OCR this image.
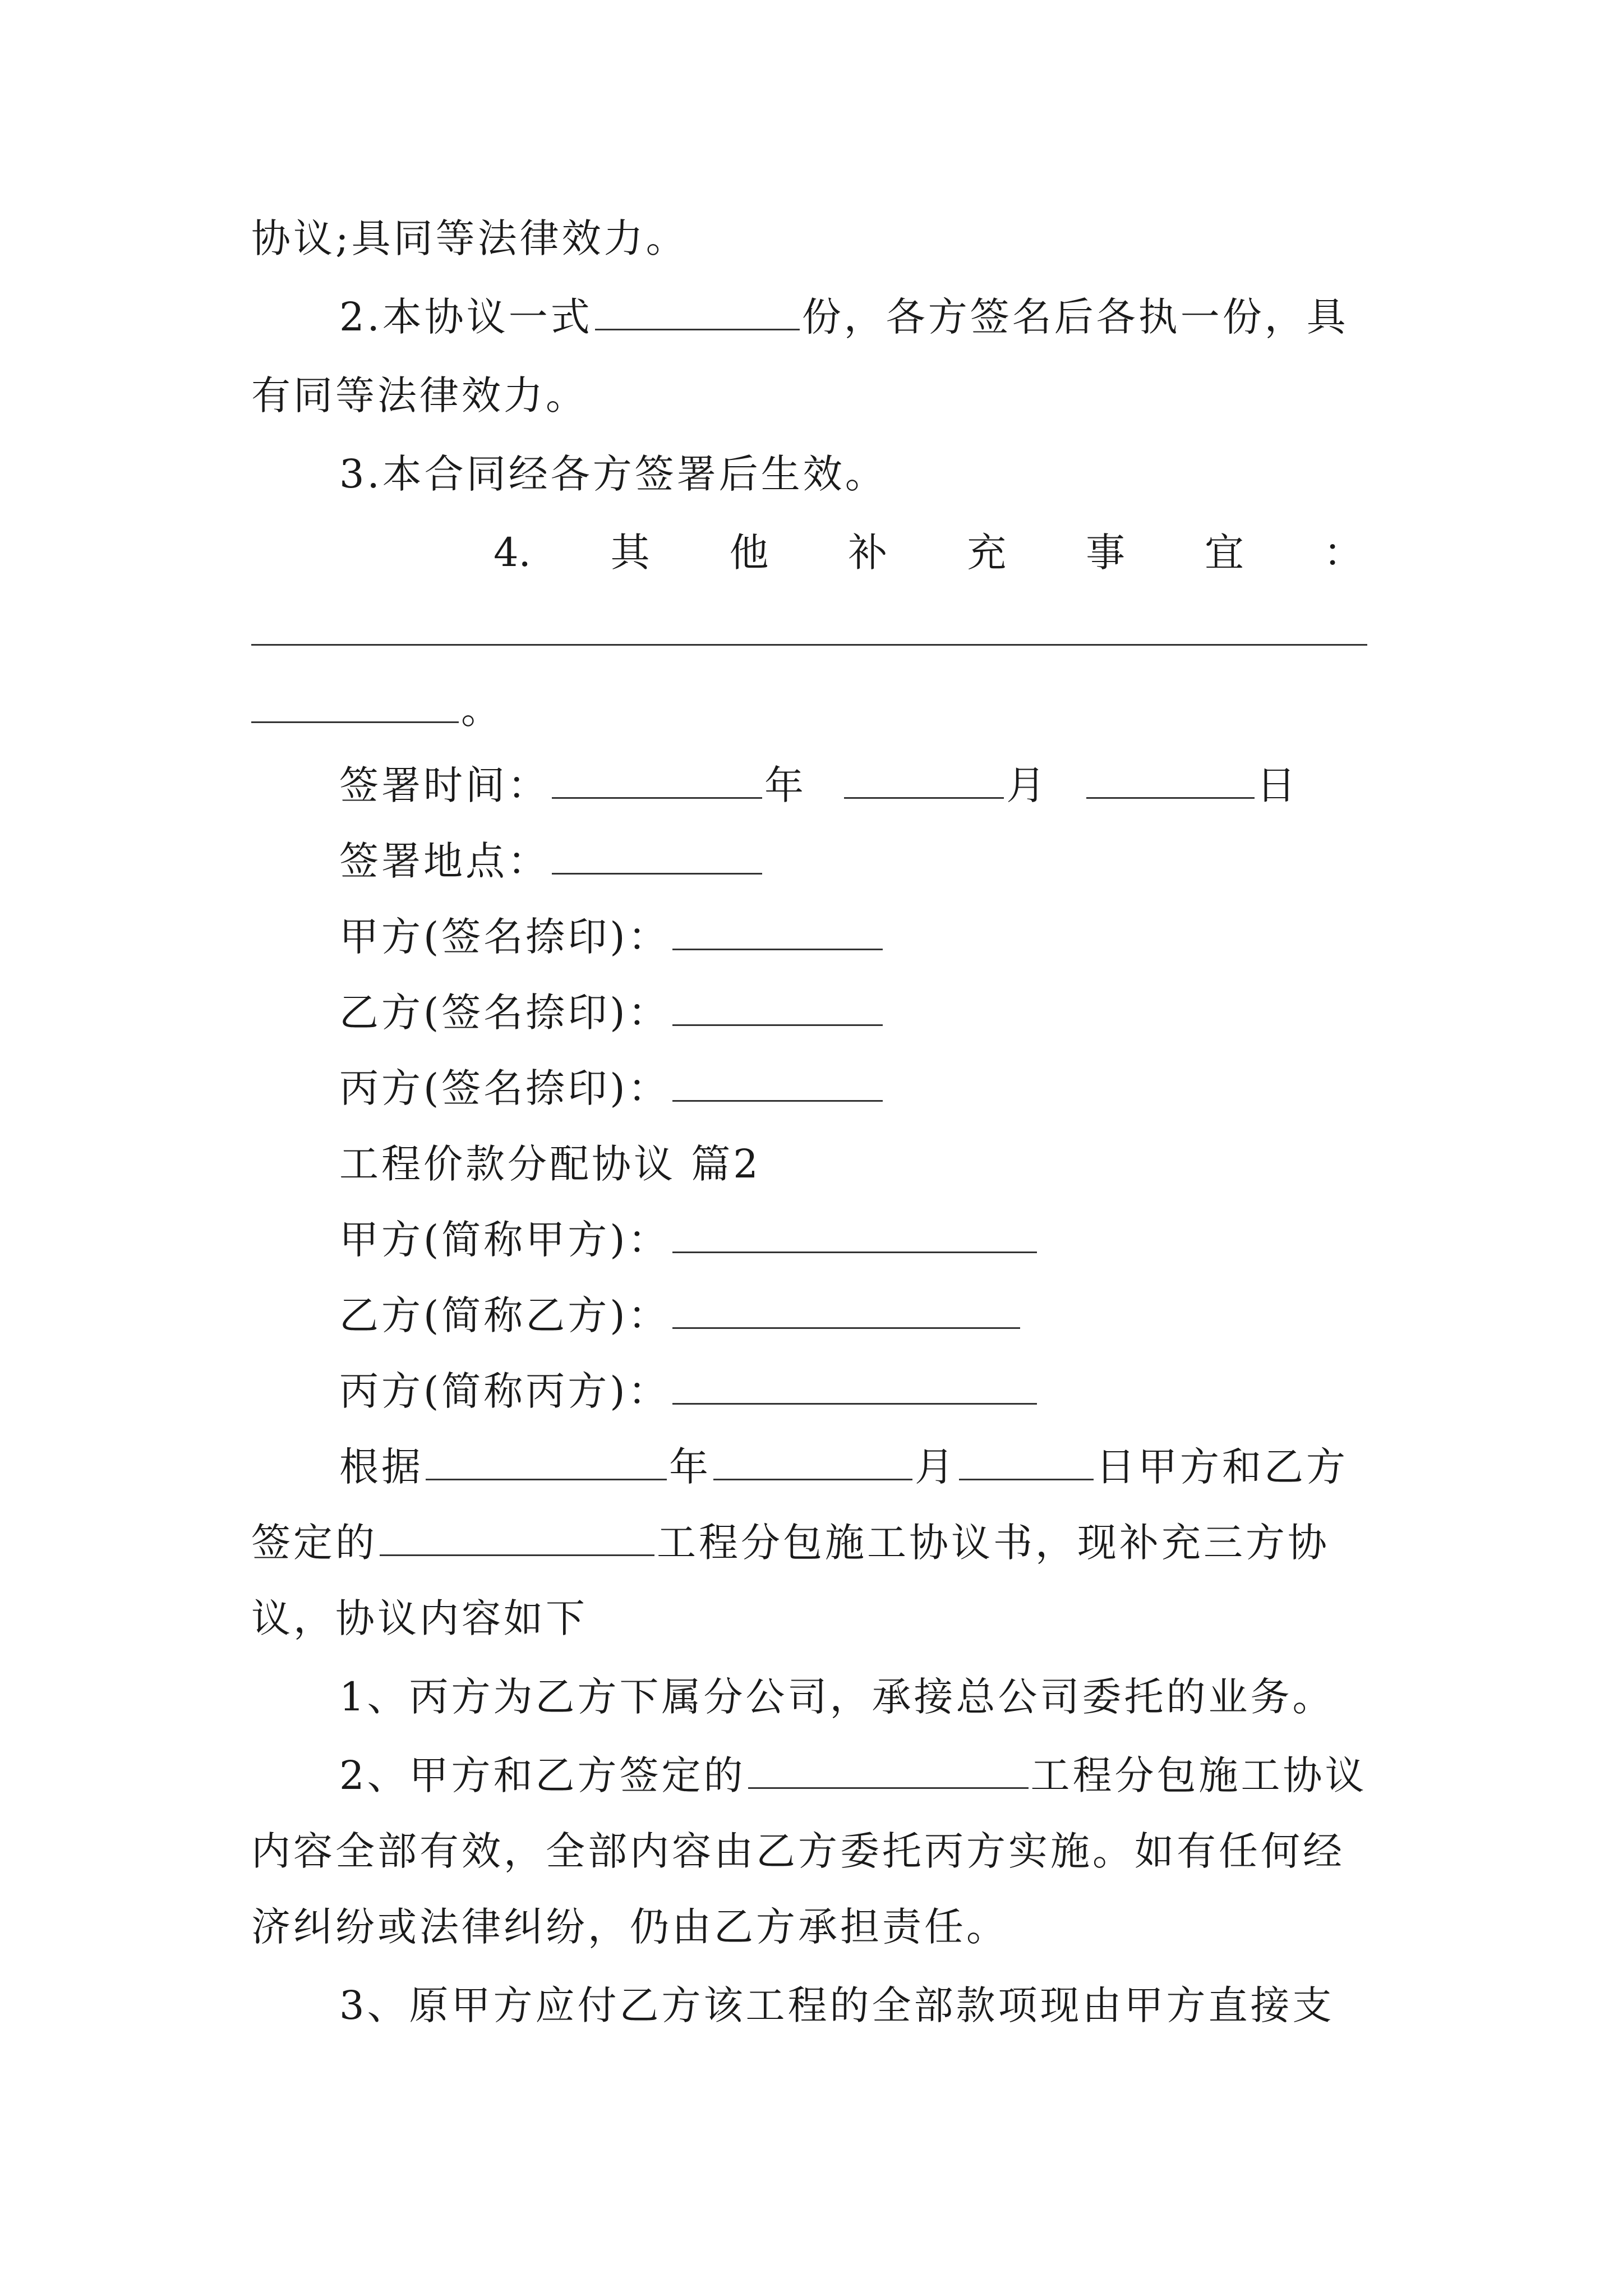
协议;具同等法律效力。
2.本协议一式	份，各方签名后各执一份，具
有同等法律效力。
3.本合同经各方签署后生效。
4. 其 他 补 充 事 宜 ：
。
签署时间：	年	月	日
签署地点：
甲方(签名捺印)：
乙方(签名捺印)：
丙方(签名捺印)：
工程价款分配协议 篇2
甲方(简称甲方)：
乙方(简称乙方)：
丙方(简称丙方)：
根据	年	月	日甲方和乙方
签定的	工程分包施工协议书，现补充三方协
议，协议内容如下
1、丙方为乙方下属分公司，承接总公司委托的业务。
2、甲方和乙方签定的	工程分包施工协议
内容全部有效，全部内容由乙方委托丙方实施。如有任何经
济纠纷或法律纠纷，仍由乙方承担责任。
3、原甲方应付乙方该工程的全部款项现由甲方直接支
